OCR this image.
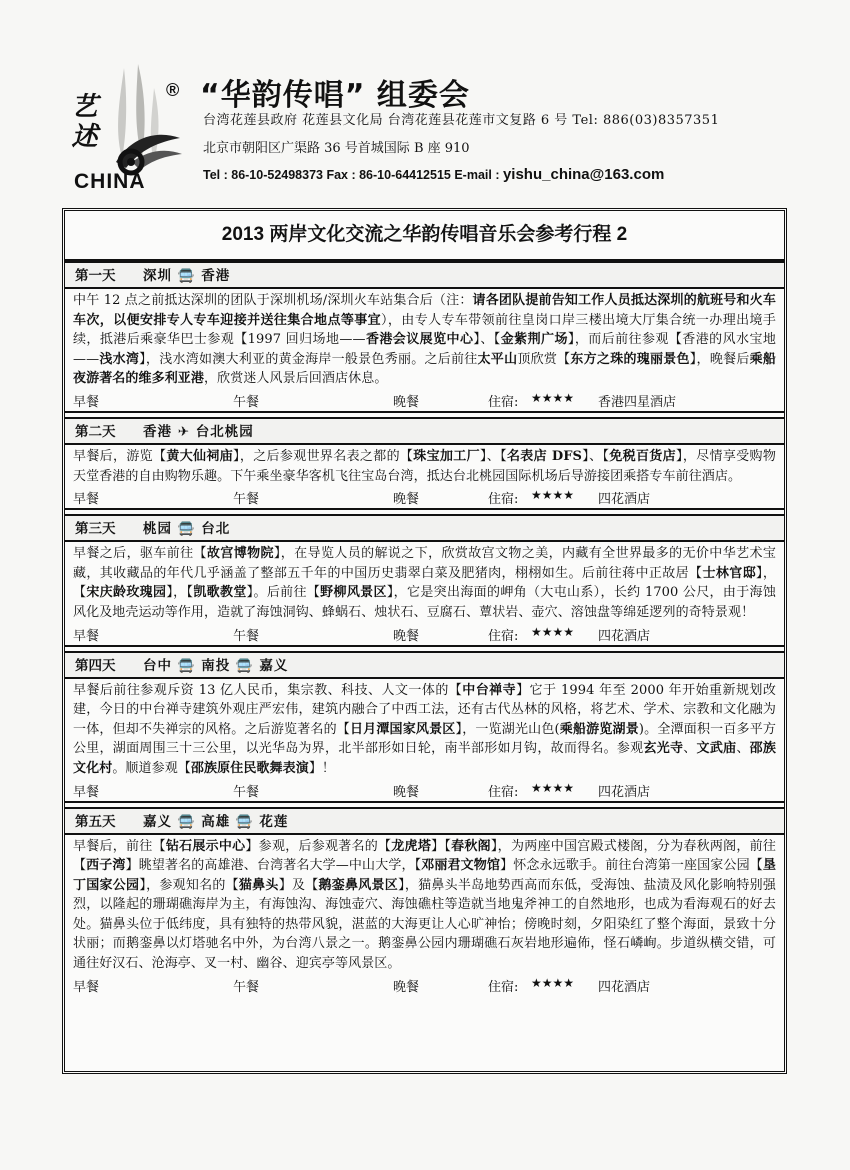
艺述
CHINA
® “华韵传唱” 组委会
台湾花莲县政府 花莲县文化局 台湾花莲县花莲市文复路 6 号 Tel: 886(03)8357351
北京市朝阳区广渠路 36 号首城国际 B 座 910
Tel : 86-10-52498373 Fax : 86-10-64412515 E-mail : yishu_china@163.com
2013 两岸文化交流之华韵传唱音乐会参考行程 2
第一天 深圳 🚍 香港
中午 12 点之前抵达深圳的团队于深圳机场/深圳火车站集合后（注：请各团队提前告知工作人员抵达深圳的航班号和火车车次，以便安排专人专车迎接并送往集合地点等事宜），由专人专车带领前往皇岗口岸三楼出境大厅集合统一办理出境手续，抵港后乘豪华巴士参观【1997 回归场地——香港会议展览中心】、【金紫荆广场】，而后前往参观【香港的风水宝地——浅水湾】，浅水湾如澳大利亚的黄金海岸一般景色秀丽。之后前往太平山顶欣赏【东方之珠的瑰丽景色】，晚餐后乘船夜游著名的维多利亚港，欣赏迷人风景后回酒店休息。
早餐	午餐	晚餐	住宿: ★★★★ 香港四星酒店
第二天 香港 ✈ 台北桃园
早餐后，游览【黄大仙祠庙】，之后参观世界名表之都的【珠宝加工厂】、【名表店 DFS】、【免税百货店】，尽情享受购物天堂香港的自由购物乐趣。下午乘坐豪华客机飞往宝岛台湾，抵达台北桃园国际机场后导游接团乘搭专车前往酒店。
早餐	午餐	晚餐	住宿: ★★★★ 四花酒店
第三天 桃园 🚍 台北
早餐之后，驱车前往【故宫博物院】，在导览人员的解说之下，欣赏故宫文物之美，内藏有全世界最多的无价中华艺术宝藏，其收藏品的年代几乎涵盖了整部五千年的中国历史翡翠白菜及肥猪肉，栩栩如生。后前往蒋中正故居【士林官邸】，【宋庆龄玫瑰园】，【凯歌教堂】。后前往【野柳风景区】，它是突出海面的岬角（大屯山系），长约 1700 公尺，由于海蚀风化及地壳运动等作用，造就了海蚀洞钩、蜂蜗石、烛状石、豆腐石、蕈状岩、壶穴、溶蚀盘等绵延逻列的奇特景观！
早餐	午餐	晚餐	住宿: ★★★★ 四花酒店
第四天 台中 🚍 南投 🚍 嘉义
早餐后前往参观斥资 13 亿人民币，集宗教、科技、人文一体的【中台禅寺】它于 1994 年至 2000 年开始重新规划改建，今日的中台禅寺建筑外观庄严宏伟，建筑内融合了中西工法，还有古代丛林的风格，将艺术、学术、宗教和文化融为一体，但却不失禅宗的风格。之后游览著名的【日月潭国家风景区】，一览湖光山色(乘船游览湖景)。全潭面积一百多平方公里，湖面周围三十三公里，以光华岛为界，北半部形如日轮，南半部形如月钩，故而得名。参观玄光寺、文武庙、邵族文化村。顺道参观【邵族原住民歌舞表演】！
早餐	午餐	晚餐	住宿: ★★★★ 四花酒店
第五天 嘉义 🚍 高雄 🚍 花莲
早餐后，前往【钻石展示中心】参观，后参观著名的【龙虎塔】【春秋阁】，为两座中国宫殿式楼阁，分为春秋两阁，前往【西子湾】眺望著名的高雄港、台湾著名大学—中山大学，【邓丽君文物馆】怀念永远歌手。前往台湾第一座国家公园【垦丁国家公园】，参观知名的【猫鼻头】及【鹅銮鼻风景区】，猫鼻头半岛地势西高而东低，受海蚀、盐渍及风化影响特别强烈，以隆起的珊瑚礁海岸为主，有海蚀沟、海蚀壶穴、海蚀礁柱等造就当地鬼斧神工的自然地形，也成为看海观石的好去处。猫鼻头位于低纬度，具有独特的热带风貌，湛蓝的大海更让人心旷神怡；傍晚时刻，夕阳染红了整个海面，景致十分状丽；而鹅銮鼻以灯塔驰名中外，为台湾八景之一。鹅銮鼻公园内珊瑚礁石灰岩地形遍佈，怪石嶙峋。步道纵横交错，可通往好汉石、沧海亭、叉一村、幽谷、迎宾亭等风景区。
早餐	午餐	晚餐	住宿: ★★★★ 四花酒店
